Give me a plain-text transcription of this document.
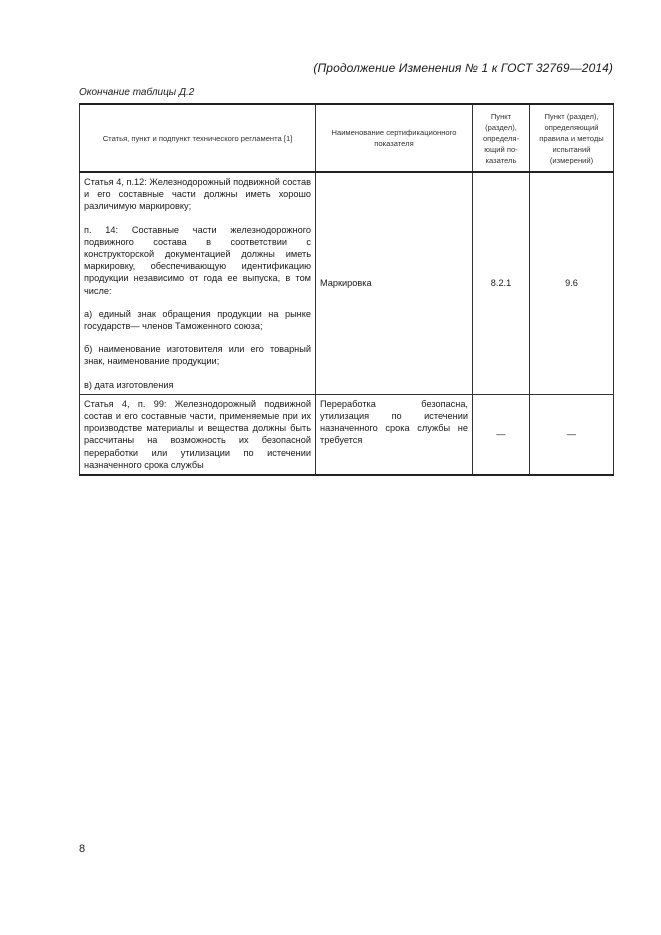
(Продолжение Изменения № 1 к ГОСТ 32769—2014)
Окончание таблицы Д.2
Статья, пункт и подпункт технического регламента [1]	Наименование сертификационного показателя	Пункт (раздел), определя-ющий по-казатель	Пункт (раздел), определяющий правила и методы испытаний (измерений)

Статья 4, п.12: Железнодорожный подвижной состав и его составные части должны иметь хорошо различимую маркировку;

п. 14: Составные части железнодорожного подвижного состава в соответствии с конструкторской документацией должны иметь маркировку, обеспечивающую идентификацию продукции независимо от года ее выпуска, в том числе:

а) единый знак обращения продукции на рынке государств— членов Таможенного союза;

б) наименование изготовителя или его товарный знак, наименование продукции;

в) дата изготовления	Маркировка	8.2.1	9.6
Статья 4, п. 99: Железнодорожный подвижной состав и его составные части, применяемые при их производстве материалы и вещества должны быть рассчитаны на возможность их безопасной переработки или утилизации по истечении назначенного срока службы	Переработка безопасна, утилизация по истечении назначенного срока службы не требуется	—	—
8
